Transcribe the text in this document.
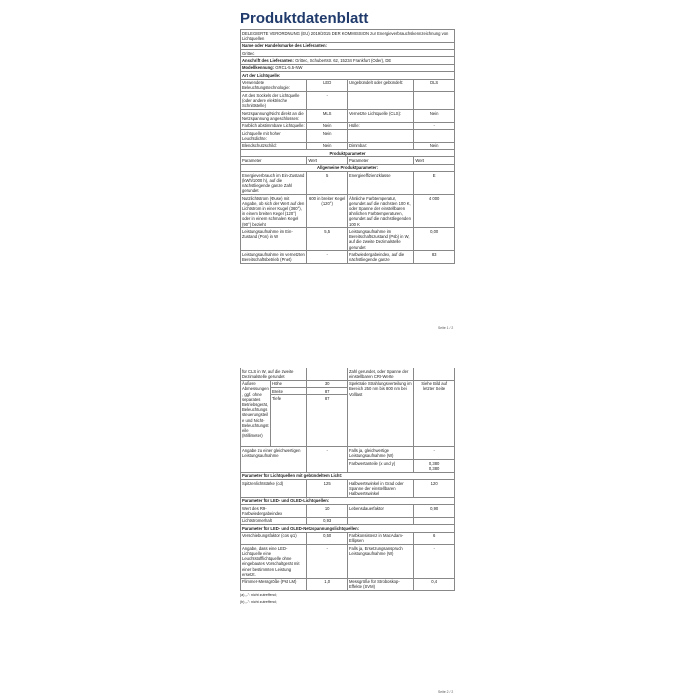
Produktdatenblatt
DELEGIERTE VERORDNUNG (EU) 2019/2015 DER KOMMISSION zur Energieverbrauchskennzeichnung von Lichtquellen			
Name oder Handelsmarke des Lieferanten:			
Grittec			
Anschrift des Lieferanten: Grittec, Schubertstr. 62, 15234 Frankfurt (Oder), DE			
Modellkennung: GRCL-5.5-NW			
Art der Lichtquelle:			
Verwendete Beleuchtungstechnologie:	LED	Ungebündelt oder gebündelt:	DLS
Art des Sockels der Lichtquelle (oder andere elektrische Schnittstelle)	-		
Netzspannung/Nicht direkt an die Netzspannung angeschlossen:	MLS	Vernetzte Lichtquelle (CLS):	Nein
Farblich abstimmbare Lichtquelle:	Nein	Hülle:	-
Lichtquelle mit hoher Leuchtdichte:	Nein		
Blendschutzschild:	Nein	Dimmbar:	Nein
Produktparameter			
Parameter	Wert	Parameter	Wert
Allgemeine Produktparameter:			
Energieverbrauch im Ein-Zustand (kWh/1000 h), auf die nächstliegende ganze Zahl gerundet	5	Energieeffizienzklasse	E
Nutzlichtstrom (Φuse) mit Angabe, ob sich der Wert auf den Lichtstrom in einer Kugel (360°), in einem breiten Kegel (120°) oder in einem schmalen Kegel (90°) bezieht	600 in breiter Kegel (120°)	Ähnliche Farbtemperatur, gerundet auf die nächsten 100 K, oder Spanne der einstellbaren ähnlichen Farbtemperaturen, gerundet auf die nächstliegenden 100 K	4 000
Leistungsaufnahme im Ein-Zustand (Pon) in W	5,5	Leistungsaufnahme im Bereitschaftszustand (Psb) in W, auf die zweite Dezimalstelle gerundet	0,00
Leistungsaufnahme im vernetzten Bereitschaftsbetrieb (Pnet)	-	Farbwiedergabeindex, auf die nächstliegende ganze	83
Seite 1 / 2
für CLS in W, auf die zweite Dezimalstelle gerundet			Zahl gerundet, oder Spanne der einstellbaren CRI-Werte	
Äußere Abmessungen, ggf. ohne separates Betriebsgerät, Beleuchtungssteuerungsteile und Nicht-Beleuchtungsteile (Millimeter)	Höhe	30	Spektrale Strahlungsverteilung im Bereich 250 nm bis 800 nm bei Volllast	Siehe Bild auf letzter Seite
	Breite	87		
	Tiefe	87		
Angabe zu einer gleichwertigen Leistungsaufnahme		-	Falls ja, gleichwertige Leistungsaufnahme (W)	-
			Farbwertanteile (x und y)	0,380
0,380
Parameter für Lichtquellen mit gebündeltem Licht:				
Spitzenlichtstärke (cd)		125	Halbwertswinkel in Grad oder Spanne der einstellbaren Halbwertswinkel	120
Parameter für LED- und OLED-Lichtquellen:				
Wert des R9-Farbwiedergabeindex		10	Lebensdauerfaktor	0,90
Lichtstromerhalt		0,93		
Parameter für LED- und OLED-Netzspannungslichtquellen:				
Verschiebungsfaktor (cos φ1)		0,50	Farbkonsistenz in MacAdam-Ellipsen	6
Angabe, dass eine LED-Lichtquelle eine Leuchtstofflichtquelle ohne eingebautes Vorschaltgerät mit einer bestimmten Leistung ersetzt.		-	Falls ja, Ersetzungsanspruch Leistungsaufnahme (W)	-
Flimmer-Messgröße (Pst LM)		1,0	Messgröße für Stroboskop-Effekte (SVM)	0,4
(a) „-": nicht zutreffend;
(b) „-": nicht zutreffend;
Seite 2 / 2
